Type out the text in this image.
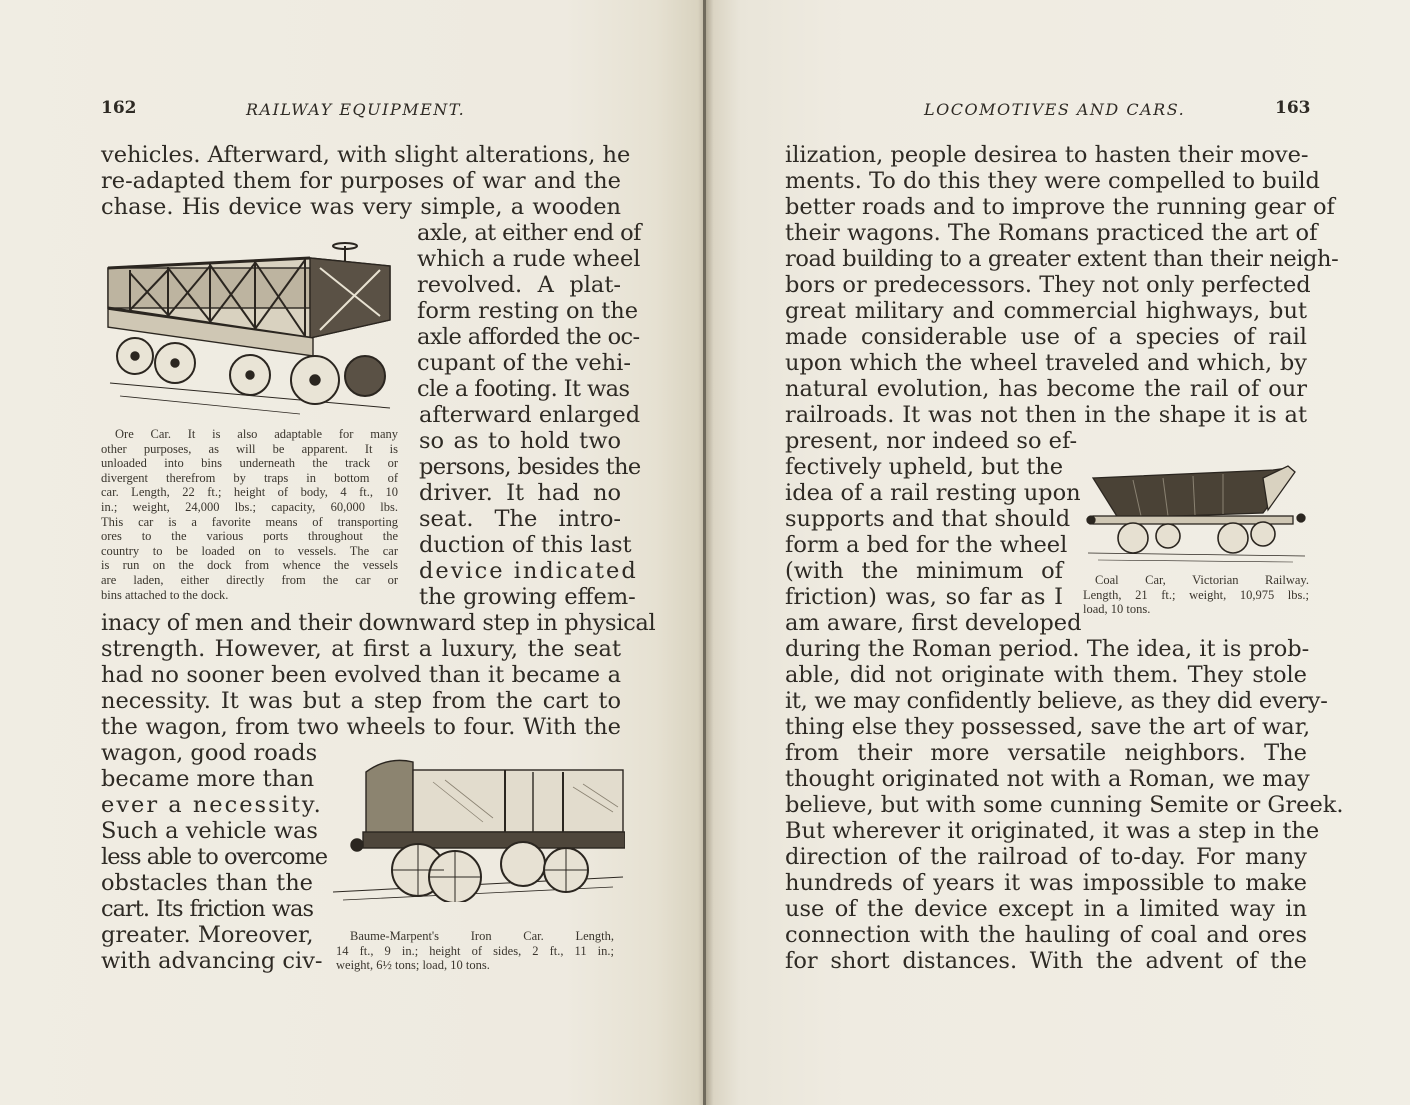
162	RAILWAY EQUIPMENT.
vehicles. Afterward, with slight alterations, he
re-adapted them for purposes of war and the
chase. His device was very simple, a wooden
axle, at either end of
which a rude wheel
revolved. A plat-
form resting on the
axle afforded the oc-
cupant of the vehi-
cle a footing. It was
afterward enlarged
so as to hold two
persons, besides the
driver. It had no
seat. The intro-
duction of this last
device indicated
the growing effem-
inacy of men and their downward step in physical
strength. However, at first a luxury, the seat
had no sooner been evolved than it became a
necessity. It was but a step from the cart to
the wagon, from two wheels to four. With the
wagon, good roads
became more than
ever a necessity.
Such a vehicle was
less able to overcome
obstacles than the
cart. Its friction was
greater. Moreover,
with advancing civ-
Ore Car. It is also adaptable for many
other purposes, as will be apparent. It is
unloaded into bins underneath the track or
divergent therefrom by traps in bottom of
car. Length, 22 ft.; height of body, 4 ft., 10
in.; weight, 24,000 lbs.; capacity, 60,000 lbs.
This car is a favorite means of transporting
ores to the various ports throughout the
country to be loaded on to vessels. The car
is run on the dock from whence the vessels
are laden, either directly from the car or
bins attached to the dock.
Baume-Marpent's Iron Car. Length,
14 ft., 9 in.; height of sides, 2 ft., 11 in.;
weight, 6½ tons; load, 10 tons.
LOCOMOTIVES AND CARS.	163
ilization, people desirea to hasten their move-
ments. To do this they were compelled to build
better roads and to improve the running gear of
their wagons. The Romans practiced the art of
road building to a greater extent than their neigh-
bors or predecessors. They not only perfected
great military and commercial highways, but
made considerable use of a species of rail
upon which the wheel traveled and which, by
natural evolution, has become the rail of our
railroads. It was not then in the shape it is at
present, nor indeed so ef-
fectively upheld, but the
idea of a rail resting upon
supports and that should
form a bed for the wheel
(with the minimum of
friction) was, so far as I
am aware, first developed
during the Roman period. The idea, it is prob-
able, did not originate with them. They stole
it, we may confidently believe, as they did every-
thing else they possessed, save the art of war,
from their more versatile neighbors. The
thought originated not with a Roman, we may
believe, but with some cunning Semite or Greek.
But wherever it originated, it was a step in the
direction of the railroad of to-day. For many
hundreds of years it was impossible to make
use of the device except in a limited way in
connection with the hauling of coal and ores
for short distances. With the advent of the
Coal Car, Victorian Railway.
Length, 21 ft.; weight, 10,975 lbs.;
load, 10 tons.
